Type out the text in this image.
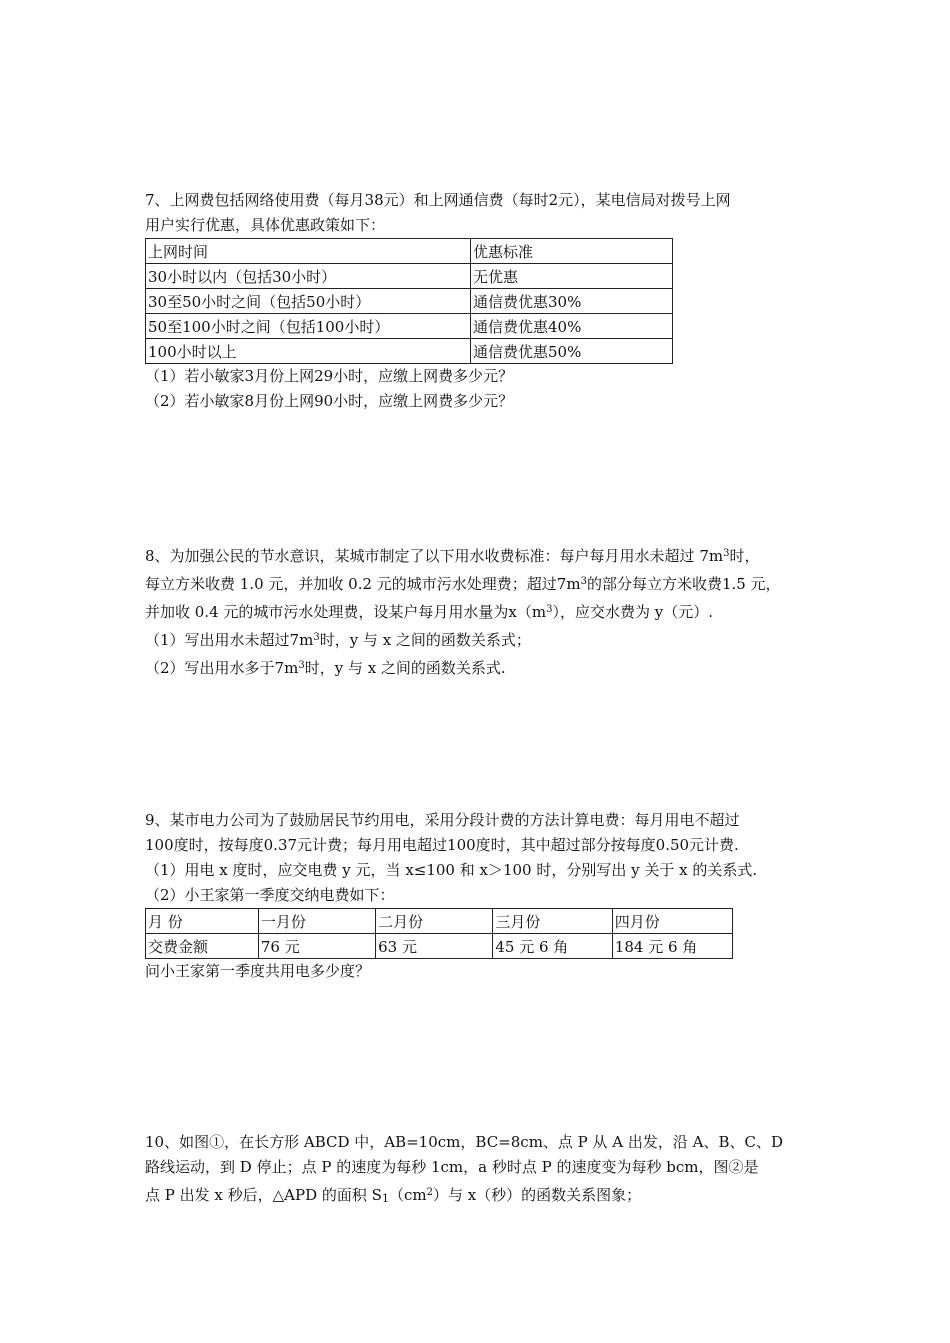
7、上网费包括网络使用费（每月38元）和上网通信费（每时2元），某电信局对拨号上网
用户实行优惠，具体优惠政策如下：
上网时间	优惠标准
30小时以内（包括30小时）	无优惠
30至50小时之间（包括50小时）	通信费优惠30%
50至100小时之间（包括100小时）	通信费优惠40%
100小时以上	通信费优惠50%
（1）若小敏家3月份上网29小时，应缴上网费多少元？
（2）若小敏家8月份上网90小时，应缴上网费多少元？
8、为加强公民的节水意识，某城市制定了以下用水收费标准：每户每月用水未超过 $7m^3$时，
每立方米收费 1.0 元，并加收 0.2 元的城市污水处理费；超过$7m^3$的部分每立方米收费1.5 元，
并加收 0.4 元的城市污水处理费，设某户每月用水量为$x(m^3)$，应交水费为 y（元）.
（1）写出用水未超过$7m^3$时，y 与 x 之间的函数关系式；
（2）写出用水多于$7m^3$时，y 与 x 之间的函数关系式.
9、某市电力公司为了鼓励居民节约用电，采用分段计费的方法计算电费：每月用电不超过
100度时，按每度0.37元计费；每月用电超过100度时，其中超过部分按每度0.50元计费.
（1）用电 x 度时，应交电费 y 元，当 x≤100 和 x＞100 时，分别写出 y 关于 x 的关系式.
（2）小王家第一季度交纳电费如下：
月 份	一月份	二月份	三月份	四月份
交费金额	76 元	63 元	45 元 6 角	184 元 6 角
问小王家第一季度共用电多少度？
10、如图①，在长方形 ABCD 中，AB=10cm，BC=8cm、点 P 从 A 出发，沿 A、B、C、D
路线运动，到 D 停止；点 P 的速度为每秒 1cm，a 秒时点 P 的速度变为每秒 bcm，图②是
点 P 出发 x 秒后，△APD 的面积 $S1(cm^2)$与 x（秒）的函数关系图象；
